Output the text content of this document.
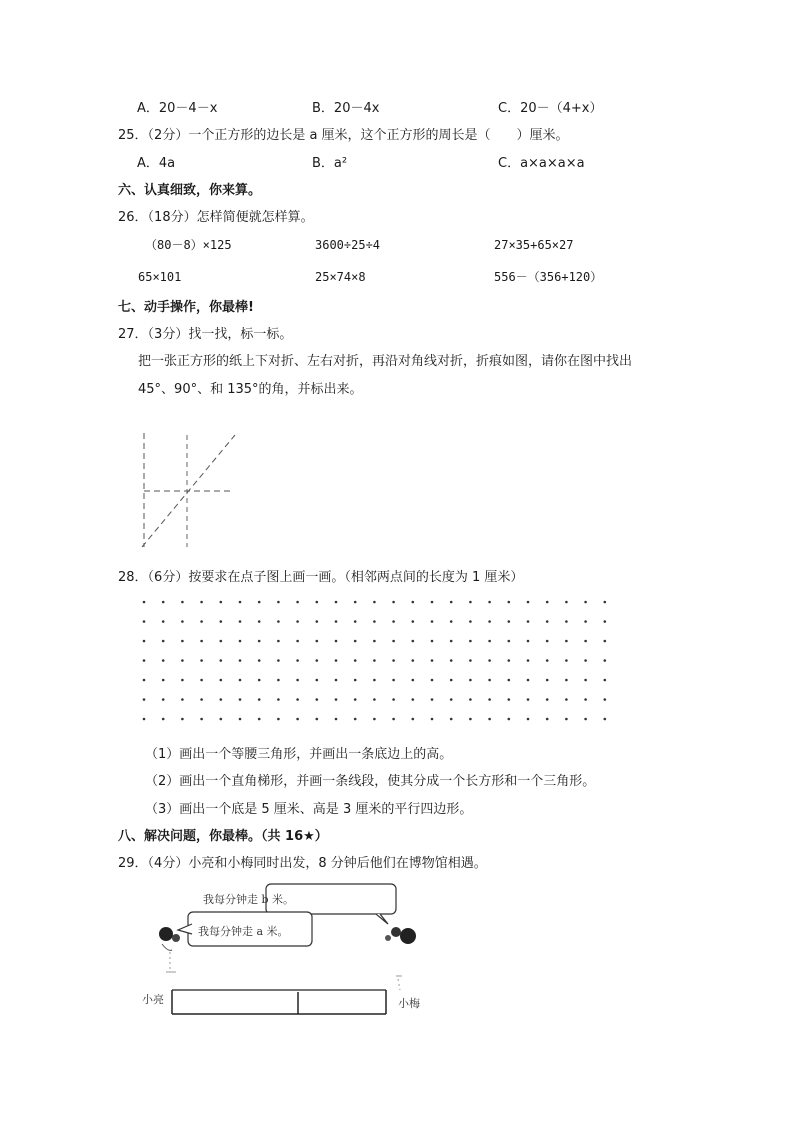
A．20－4－x	B．20－4x	C．20－（4+x）
25．（2分）一个正方形的边长是 a 厘米，这个正方形的周长是（　　）厘米。
A．4a	B．a²	C．a×a×a×a
六、认真细致，你来算。
26．（18分）怎样简便就怎样算。
（80－8）×125	3600÷25÷4	27×35+65×27
65×101	25×74×8	556－（356+120）
七、动手操作，你最棒!
27．（3分）找一找，标一标。
把一张正方形的纸上下对折、左右对折，再沿对角线对折，折痕如图，请你在图中找出
45°、90°、和 135°的角，并标出来。
28．（6分）按要求在点子图上画一画。（相邻两点间的长度为 1 厘米）
（1）画出一个等腰三角形，并画出一条底边上的高。
（2）画出一个直角梯形，并画一条线段，使其分成一个长方形和一个三角形。
（3）画出一个底是 5 厘米、高是 3 厘米的平行四边形。
八、解决问题，你最棒。（共 16★）
29．（4分）小亮和小梅同时出发，8 分钟后他们在博物馆相遇。
我每分钟走 b 米。
我每分钟走 a 米。
小亮	小梅
